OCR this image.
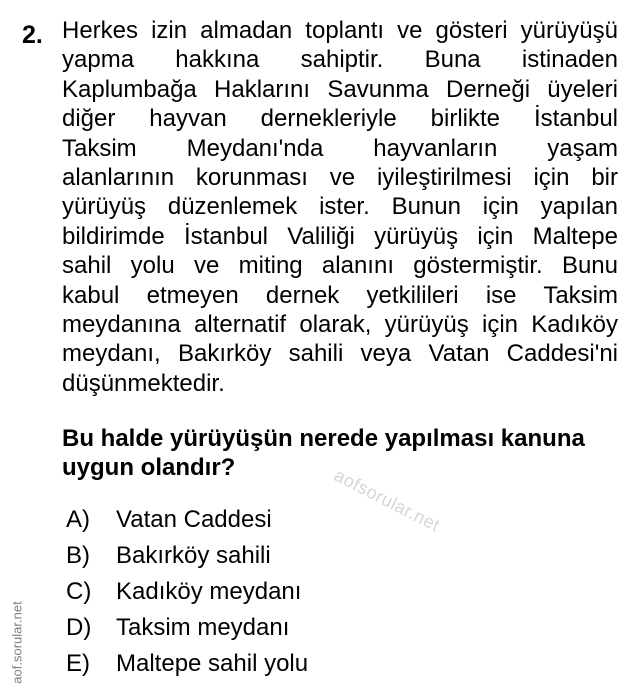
2. Herkes izin almadan toplantı ve gösteri yürüyüşü
yapma hakkına sahiptir. Buna istinaden
Kaplumbağa Haklarını Savunma Derneği üyeleri
diğer hayvan dernekleriyle birlikte İstanbul
Taksim Meydanı'nda hayvanların yaşam
alanlarının korunması ve iyileştirilmesi için bir
yürüyüş düzenlemek ister. Bunun için yapılan
bildirimde İstanbul Valiliği yürüyüş için Maltepe
sahil yolu ve miting alanını göstermiştir. Bunu
kabul etmeyen dernek yetkilileri ise Taksim
meydanına alternatif olarak, yürüyüş için Kadıköy
meydanı, Bakırköy sahili veya Vatan Caddesi'ni
düşünmektedir.
Bu halde yürüyüşün nerede yapılması kanuna
uygun olandır?
A)	Vatan Caddesi
B)	Bakırköy sahili
C)	Kadıköy meydanı
D)	Taksim meydanı
E)	Maltepe sahil yolu
aofsorular.net
aof.sorular.net
